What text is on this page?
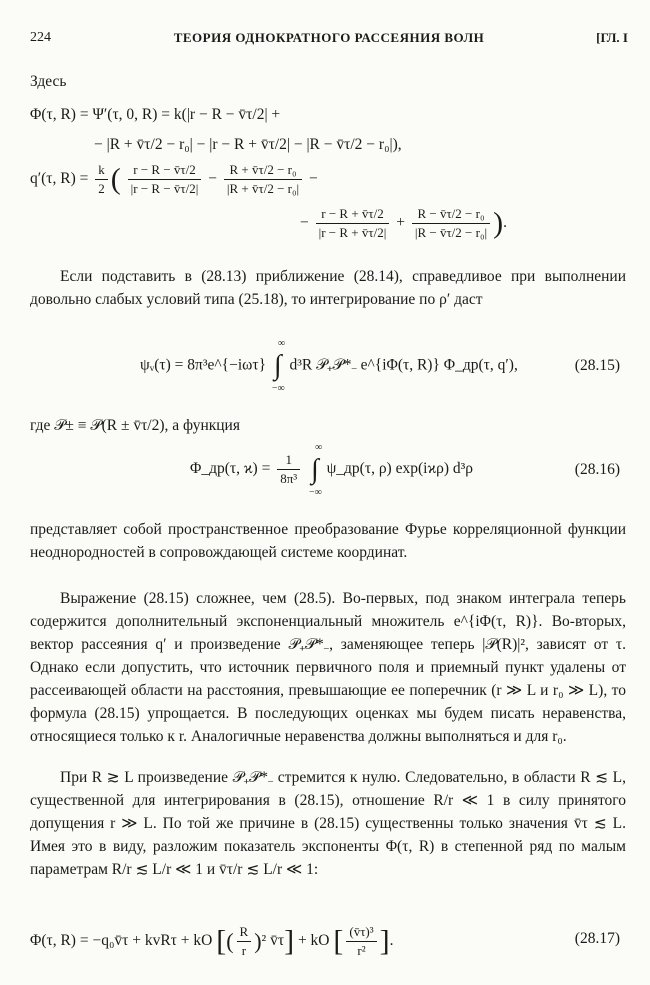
224	ТЕОРИЯ ОДНОКРАТНОГО РАССЕЯНИЯ ВОЛН	[ГЛ. I
Здесь
Φ(τ, R) = Ψ′(τ, 0, R) = k(|r − R − v̄τ/2| +
− |R + v̄τ/2 − r₀| − |r − R + v̄τ/2| − |R − v̄τ/2 − r₀|),
q′(τ, $R) = \frac{k}{2}$ ( $\frac{r - R - v̄\tau/2}{|r - R - v̄\tau/2|} - \frac{\text{R + v̄τ/2 − r₀}}{\text{|R + v̄τ/2 − r₀|}}$ −
− $\frac{r - R + v̄\tau/2}{|r - R + v̄\tau/2|} + \frac{\text{R − v̄τ/2 − r₀}}{\text{|R − v̄τ/2 − r₀|}}$ ).

Если подставить в (28.13) приближение (28.14), справедливое при выполнении довольно слабых условий типа (25.18), то интегрирование по ρ′ даст

ψᵥ(τ) = 8π³e^{−iωτ} ∫
∞
−∞
d³R 𝒫₊𝒫*₋ e^{iΦ(τ, R)} Φ_др(τ, q′),	(28.15)
где 𝒫± ≡ 𝒫(R ± v̄τ/2), а функция
Φ_др(τ, $ϰ) = \frac{1}{\text{8π³}}$ ∫
∞
−∞
ψ_др(τ, ρ) exp(iϰρ) d³ρ	(28.16)

представляет собой пространственное преобразование Фурье корреляционной функции неоднородностей в сопровождающей системе координат.

Выражение (28.15) сложнее, чем (28.5). Во-первых, под знаком интеграла теперь содержится дополнительный экспоненциальный множитель e^{iΦ(τ, R)}. Во-вторых, вектор рассеяния q′ и произведение 𝒫₊𝒫*₋, заменяющее теперь |𝒫(R)|², зависят от τ. Однако если допустить, что источник первичного поля и приемный пункт удалены от рассеивающей области на расстояния, превышающие ее поперечник (r ≫ L и r₀ ≫ L), то формула (28.15) упрощается. В последующих оценках мы будем писать неравенства, относящиеся только к r. Аналогичные неравенства должны выполняться и для r₀.

При R ≳ L произведение 𝒫₊𝒫*₋ стремится к нулю. Следовательно, в области R ≲ L, существенной для интегрирования в (28.15), отношение R/r ≪ 1 в силу принятого допущения r ≫ L. По той же причине в (28.15) существенны только значения v̄τ ≲ L. Имея это в виду, разложим показатель экспоненты Φ(τ, R) в степенной ряд по малым параметрам R/r ≲ L/r ≪ 1 и v̄τ/r ≲ L/r ≪ 1:

Φ(τ, R) = −q₀v̄τ + kvRτ + kO [( $\frac{R}{r} )^2$ v̄τ] + kO [ $\frac{\text{(v̄τ)³}}{\text{r²}}$ ].	(28.17)
